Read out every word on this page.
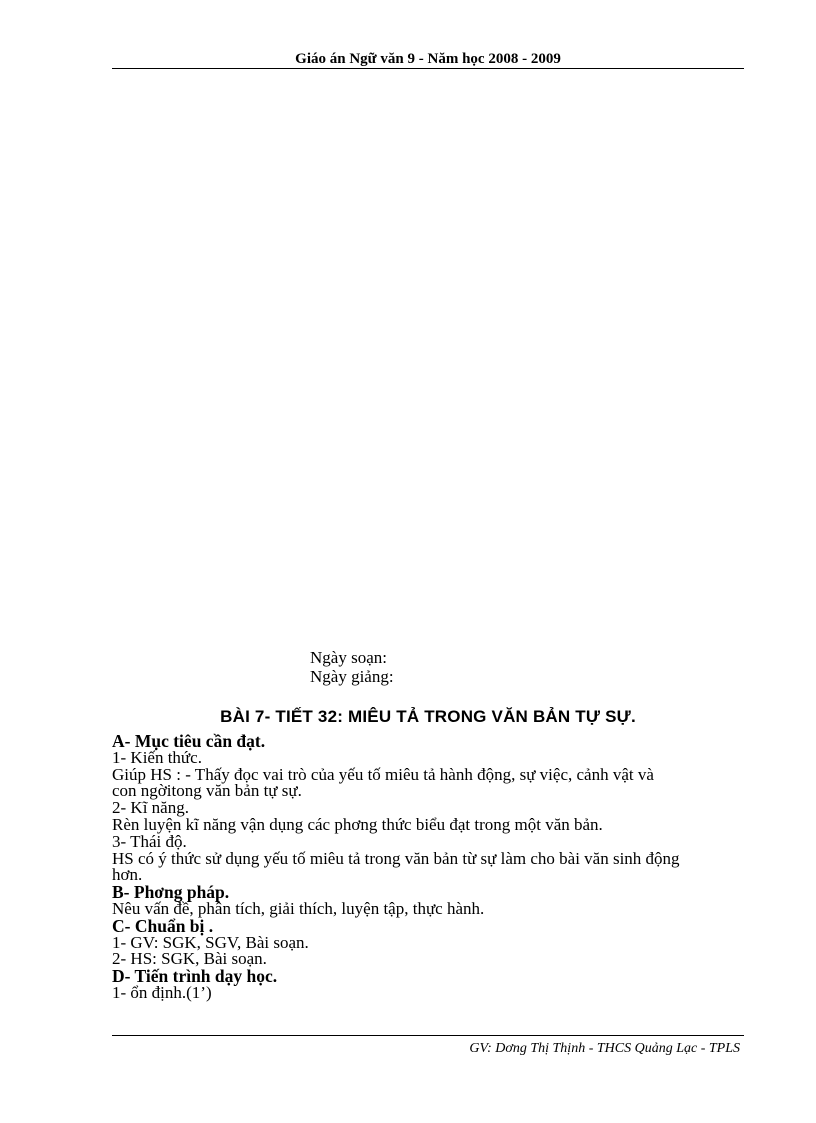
Giáo án Ngữ văn 9 - Năm học 2008 - 2009
Ngày soạn:
Ngày giảng:
BÀI 7- TIẾT 32: MIÊU TẢ TRONG VĂN BẢN TỰ SỰ.
A- Mục tiêu cần đạt.
1- Kiến thức.
Giúp HS : - Thấy đọc vai trò của yếu tố miêu tả hành động, sự việc, cảnh vật và
con ngờitong văn bản tự sự.
2- Kĩ năng.
Rèn luyện kĩ năng vận dụng các phơng thức biểu đạt trong một văn bản.
3- Thái độ.
HS có ý thức sử dụng yếu tố miêu tả trong văn bản từ sự làm cho bài văn sinh động
hơn.
B- Phơng pháp.
Nêu vấn đề, phân tích, giải thích, luyện tập, thực hành.
C- Chuẩn bị .
1- GV: SGK, SGV, Bài soạn.
2- HS: SGK, Bài soạn.
D- Tiến trình dạy học.
1- ổn định.(1’)
GV: Dơng Thị Thịnh - THCS Quảng Lạc - TPLS
